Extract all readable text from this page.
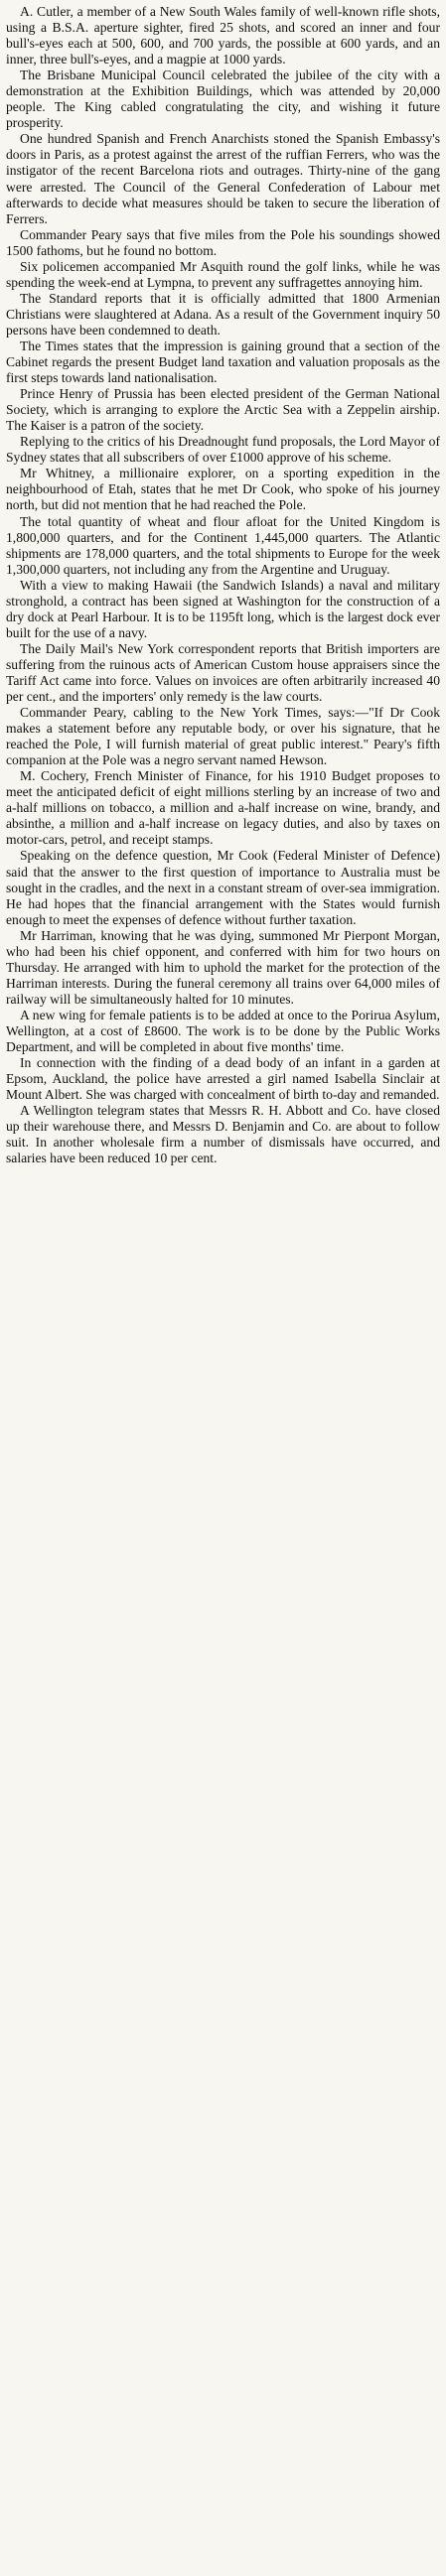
A. Cutler, a member of a New South Wales family of well-known rifle shots, using a B.S.A. aperture sighter, fired 25 shots, and scored an inner and four bull's-eyes each at 500, 600, and 700 yards, the possible at 600 yards, and an inner, three bull's-eyes, and a magpie at 1000 yards.

The Brisbane Municipal Council celebrated the jubilee of the city with a demonstration at the Exhibition Buildings, which was attended by 20,000 people. The King cabled congratulating the city, and wishing it future prosperity.

One hundred Spanish and French Anarchists stoned the Spanish Embassy's doors in Paris, as a protest against the arrest of the ruffian Ferrers, who was the instigator of the recent Barcelona riots and outrages. Thirty-nine of the gang were arrested. The Council of the General Confederation of Labour met afterwards to decide what measures should be taken to secure the liberation of Ferrers.

Commander Peary says that five miles from the Pole his soundings showed 1500 fathoms, but he found no bottom.

Six policemen accompanied Mr Asquith round the golf links, while he was spending the week-end at Lympna, to prevent any suffragettes annoying him.

The Standard reports that it is officially admitted that 1800 Armenian Christians were slaughtered at Adana. As a result of the Government inquiry 50 persons have been condemned to death.

The Times states that the impression is gaining ground that a section of the Cabinet regards the present Budget land taxation and valuation proposals as the first steps towards land nationalisation.

Prince Henry of Prussia has been elected president of the German National Society, which is arranging to explore the Arctic Sea with a Zeppelin airship. The Kaiser is a patron of the society.

Replying to the critics of his Dreadnought fund proposals, the Lord Mayor of Sydney states that all subscribers of over £1000 approve of his scheme.

Mr Whitney, a millionaire explorer, on a sporting expedition in the neighbourhood of Etah, states that he met Dr Cook, who spoke of his journey north, but did not mention that he had reached the Pole.

The total quantity of wheat and flour afloat for the United Kingdom is 1,800,000 quarters, and for the Continent 1,445,000 quarters. The Atlantic shipments are 178,000 quarters, and the total shipments to Europe for the week 1,300,000 quarters, not including any from the Argentine and Uruguay.

With a view to making Hawaii (the Sandwich Islands) a naval and military stronghold, a contract has been signed at Washington for the construction of a dry dock at Pearl Harbour. It is to be 1195ft long, which is the largest dock ever built for the use of a navy.

The Daily Mail's New York correspondent reports that British importers are suffering from the ruinous acts of American Custom house appraisers since the Tariff Act came into force. Values on invoices are often arbitrarily increased 40 per cent., and the importers' only remedy is the law courts.

Commander Peary, cabling to the New York Times, says:—"If Dr Cook makes a statement before any reputable body, or over his signature, that he reached the Pole, I will furnish material of great public interest." Peary's fifth companion at the Pole was a negro servant named Hewson.

M. Cochery, French Minister of Finance, for his 1910 Budget proposes to meet the anticipated deficit of eight millions sterling by an increase of two and a-half millions on tobacco, a million and a-half increase on wine, brandy, and absinthe, a million and a-half increase on legacy duties, and also by taxes on motor-cars, petrol, and receipt stamps.

Speaking on the defence question, Mr Cook (Federal Minister of Defence) said that the answer to the first question of importance to Australia must be sought in the cradles, and the next in a constant stream of over-sea immigration. He had hopes that the financial arrangement with the States would furnish enough to meet the expenses of defence without further taxation.

Mr Harriman, knowing that he was dying, summoned Mr Pierpont Morgan, who had been his chief opponent, and conferred with him for two hours on Thursday. He arranged with him to uphold the market for the protection of the Harriman interests. During the funeral ceremony all trains over 64,000 miles of railway will be simultaneously halted for 10 minutes.

A new wing for female patients is to be added at once to the Porirua Asylum, Wellington, at a cost of £8600. The work is to be done by the Public Works Department, and will be completed in about five months' time.

In connection with the finding of a dead body of an infant in a garden at Epsom, Auckland, the police have arrested a girl named Isabella Sinclair at Mount Albert. She was charged with concealment of birth to-day and remanded.

A Wellington telegram states that Messrs R. H. Abbott and Co. have closed up their warehouse there, and Messrs D. Benjamin and Co. are about to follow suit. In another wholesale firm a number of dismissals have occurred, and salaries have been reduced 10 per cent.
